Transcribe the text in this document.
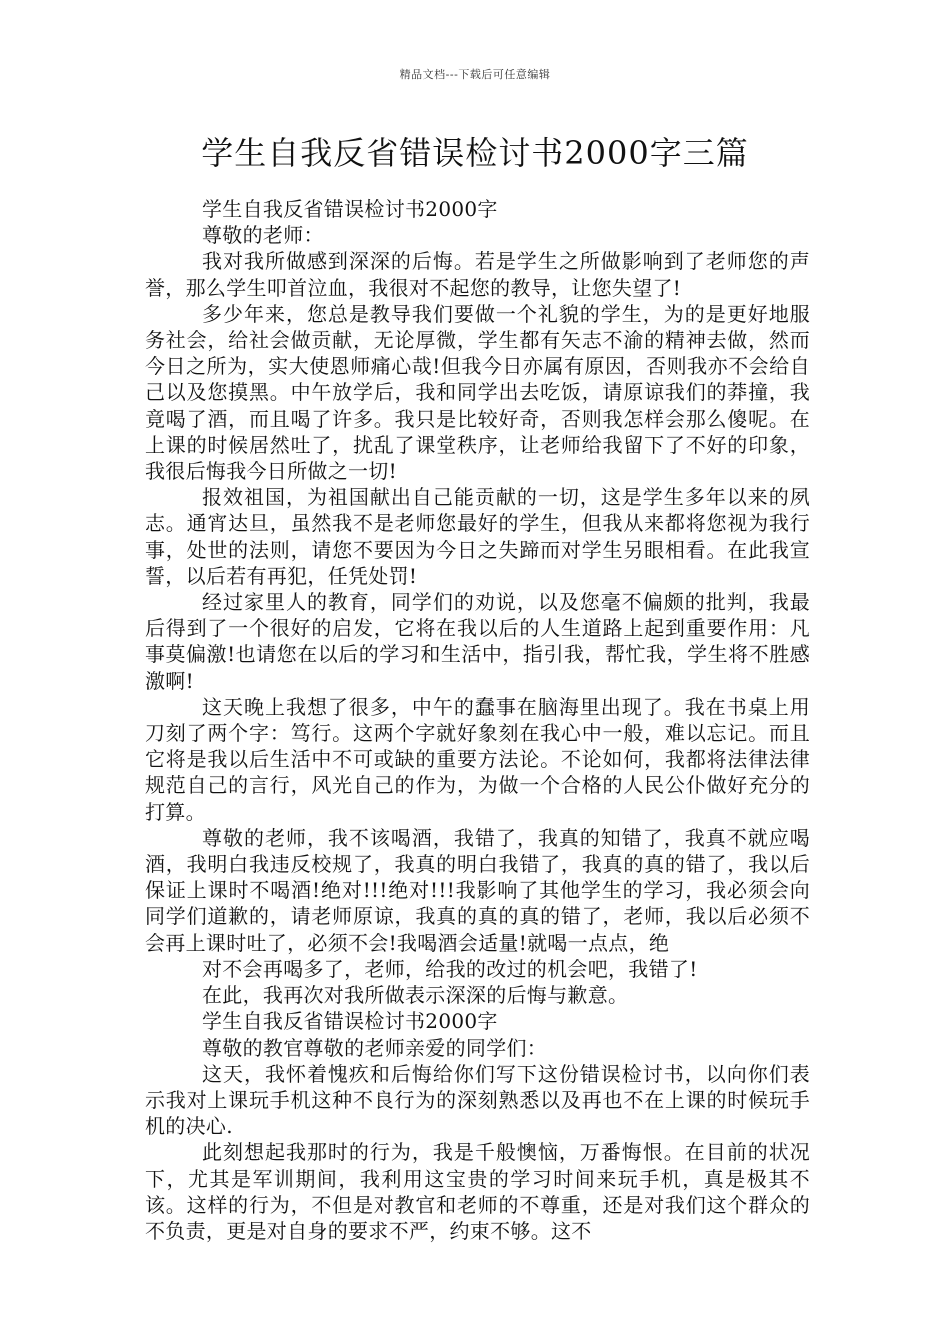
精品文档---下载后可任意编辑
学生自我反省错误检讨书2000字三篇

学生自我反省错误检讨书2000字

尊敬的老师：

我对我所做感到深深的后悔。若是学生之所做影响到了老师您的声誉，那么学生叩首泣血，我很对不起您的教导，让您失望了!

多少年来，您总是教导我们要做一个礼貌的学生，为的是更好地服务社会，给社会做贡献，无论厚微，学生都有矢志不渝的精神去做，然而今日之所为，实大使恩师痛心哉!但我今日亦属有原因，否则我亦不会给自己以及您摸黑。中午放学后，我和同学出去吃饭，请原谅我们的莽撞，我竟喝了酒，而且喝了许多。我只是比较好奇，否则我怎样会那么傻呢。在上课的时候居然吐了，扰乱了课堂秩序，让老师给我留下了不好的印象，我很后悔我今日所做之一切!

报效祖国，为祖国献出自己能贡献的一切，这是学生多年以来的夙志。通宵达旦，虽然我不是老师您最好的学生，但我从来都将您视为我行事，处世的法则，请您不要因为今日之失蹄而对学生另眼相看。在此我宣誓，以后若有再犯，任凭处罚!

经过家里人的教育，同学们的劝说，以及您毫不偏颇的批判，我最后得到了一个很好的启发，它将在我以后的人生道路上起到重要作用：凡事莫偏激!也请您在以后的学习和生活中，指引我，帮忙我，学生将不胜感激啊!

这天晚上我想了很多，中午的蠢事在脑海里出现了。我在书桌上用刀刻了两个字：笃行。这两个字就好象刻在我心中一般，难以忘记。而且它将是我以后生活中不可或缺的重要方法论。不论如何，我都将法律法律规范自己的言行，风光自己的作为，为做一个合格的人民公仆做好充分的打算。

尊敬的老师，我不该喝酒，我错了，我真的知错了，我真不就应喝酒，我明白我违反校规了，我真的明白我错了，我真的真的错了，我以后保证上课时不喝酒!绝对!!!绝对!!!我影响了其他学生的学习，我必须会向同学们道歉的，请老师原谅，我真的真的真的错了，老师，我以后必须不会再上课时吐了，必须不会!我喝酒会适量!就喝一点点，绝

对不会再喝多了，老师，给我的改过的机会吧，我错了!

在此，我再次对我所做表示深深的后悔与歉意。

学生自我反省错误检讨书2000字

尊敬的教官尊敬的老师亲爱的同学们：

这天，我怀着愧疚和后悔给你们写下这份错误检讨书，以向你们表示我对上课玩手机这种不良行为的深刻熟悉以及再也不在上课的时候玩手机的决心.

此刻想起我那时的行为，我是千般懊恼，万番悔恨。在目前的状况下，尤其是军训期间，我利用这宝贵的学习时间来玩手机，真是极其不该。这样的行为，不但是对教官和老师的不尊重，还是对我们这个群众的不负责，更是对自身的要求不严，约束不够。这不
